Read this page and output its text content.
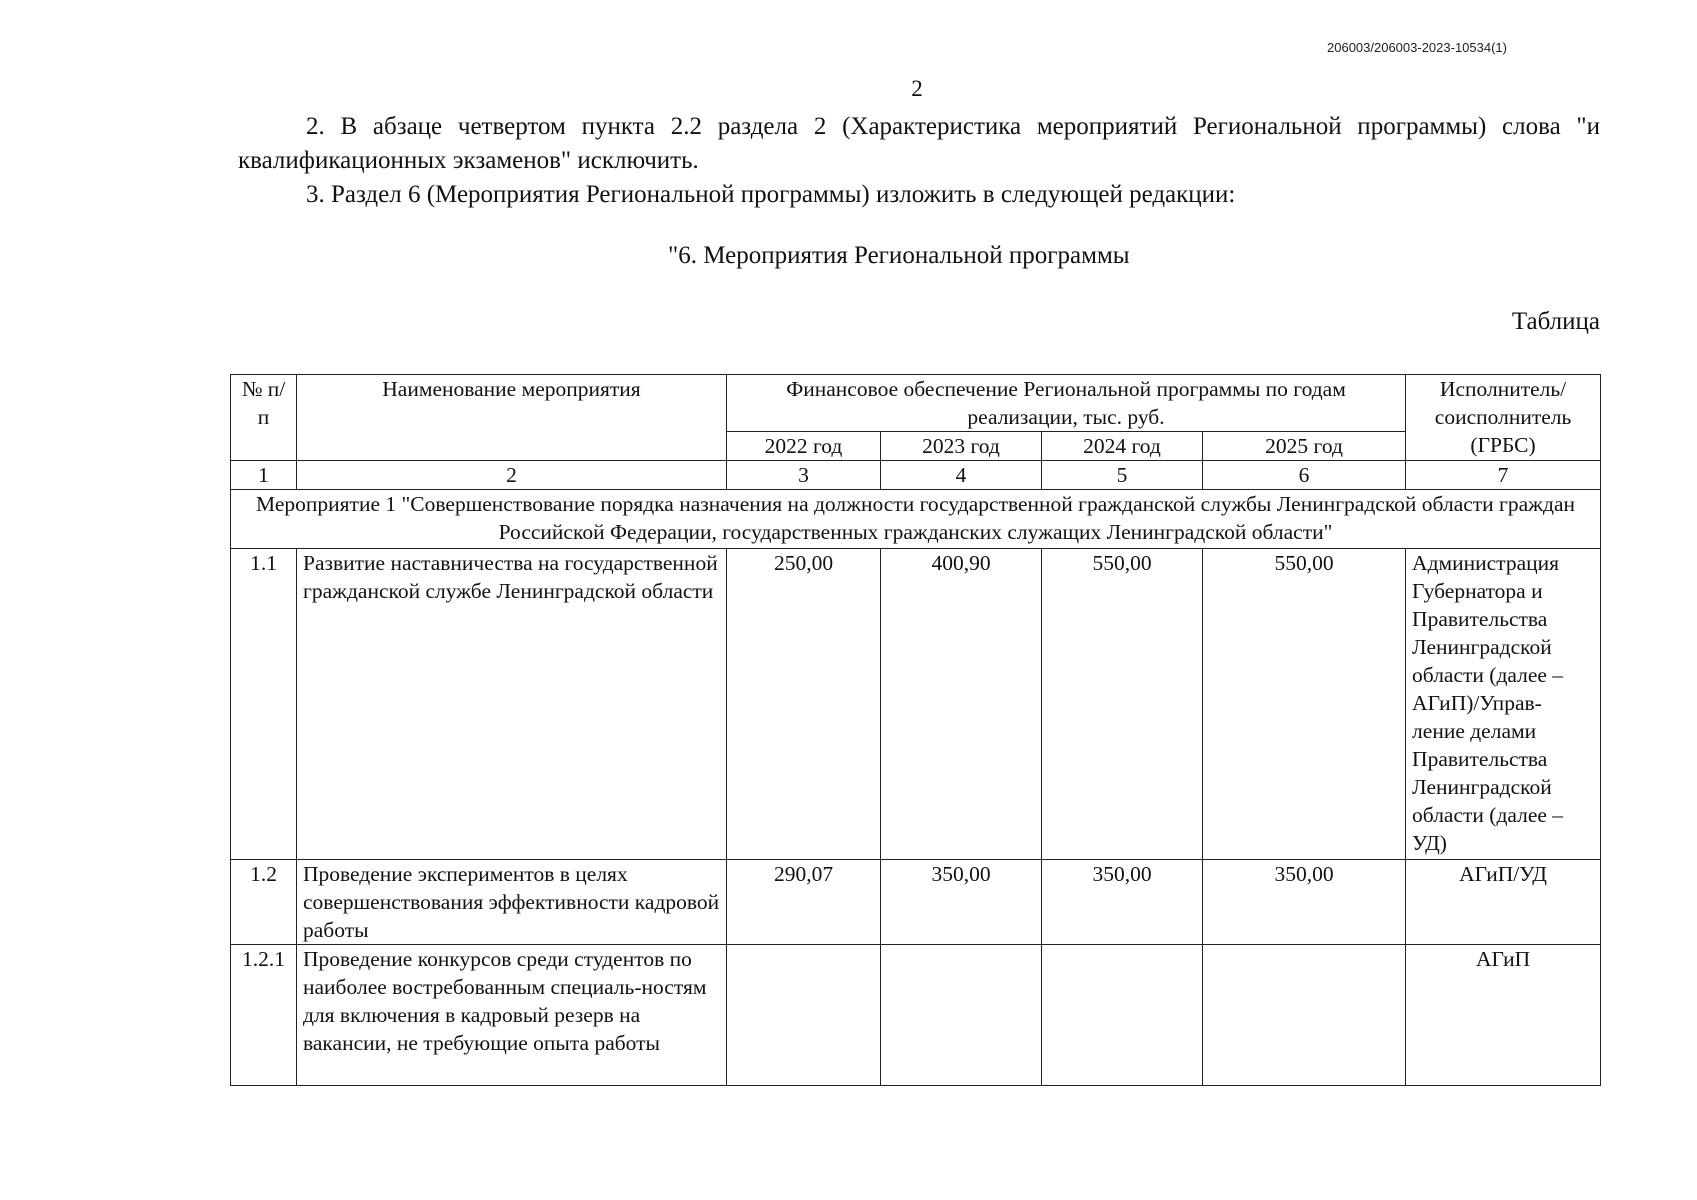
206003/206003-2023-10534(1)
2
2. В абзаце четвертом пункта 2.2 раздела 2 (Характеристика мероприятий Региональной программы) слова "и квалификационных экзаменов" исключить.
3. Раздел 6 (Мероприятия Региональной программы) изложить в следующей редакции:
"6. Мероприятия Региональной программы
Таблица
№ п/п	Наименование мероприятия	Финансовое обеспечение Региональной программы по годам реализации, тыс. руб.				Исполнитель/ соисполнитель (ГРБС)
		2022 год	2023 год	2024 год	2025 год	
1	2	3	4	5	6	7
Мероприятие 1 "Совершенствование порядка назначения на должности государственной гражданской службы Ленинградской области граждан Российской Федерации, государственных гражданских служащих Ленинградской области"						
1.1	Развитие наставничества на государственной гражданской службе Ленинградской области	250,00	400,90	550,00	550,00	Администрация Губернатора и Правительства Ленинградской области (далее – АГиП)/Управ-ление делами Правительства Ленинградской области (далее – УД)
1.2	Проведение экспериментов в целях совершенствования эффективности кадровой работы	290,07	350,00	350,00	350,00	АГиП/УД
1.2.1	Проведение конкурсов среди студентов по наиболее востребованным специаль-ностям для включения в кадровый резерв на вакансии, не требующие опыта работы					АГиП
